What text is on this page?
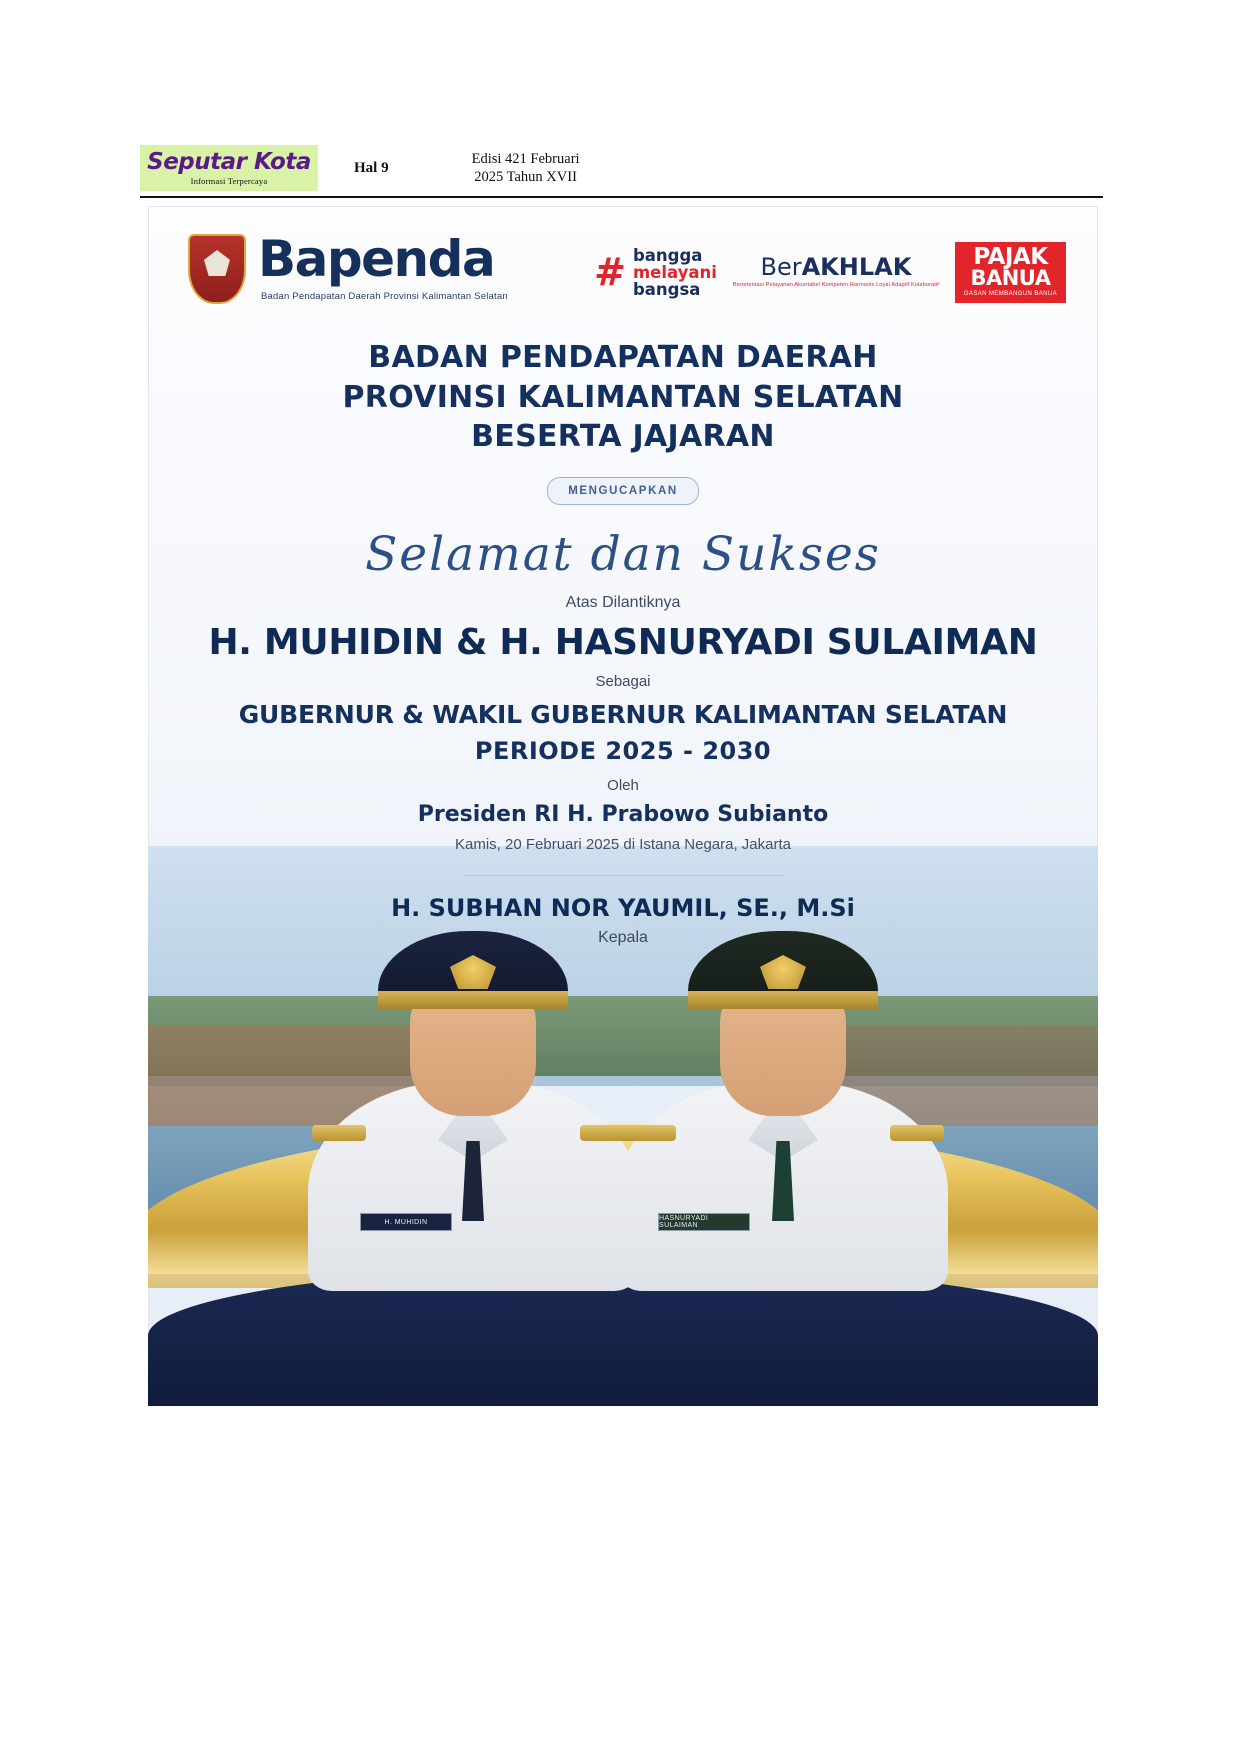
Seputar Kota
Informasi Terpercaya
Hal 9
Edisi 421 Februari
2025 Tahun XVII
Bapenda
Badan Pendapatan Daerah Provinsi Kalimantan Selatan
# bangga
melayani
bangsa
BerAKHLAK
Berorientasi Pelayanan Akuntabel Kompeten Harmonis Loyal Adaptif Kolaboratif
PAJAK
BANUA
GASAN MEMBANGUN BANUA
BADAN PENDAPATAN DAERAH
PROVINSI KALIMANTAN SELATAN
BESERTA JAJARAN
MENGUCAPKAN
Selamat dan Sukses
Atas Dilantiknya
H. MUHIDIN & H. HASNURYADI SULAIMAN
Sebagai
GUBERNUR & WAKIL GUBERNUR KALIMANTAN SELATAN
PERIODE 2025 - 2030
Oleh
Presiden RI H. Prabowo Subianto
Kamis, 20 Februari 2025 di Istana Negara, Jakarta
H. SUBHAN NOR YAUMIL, SE., M.Si
Kepala
H. MUHIDIN	HASNURYADI SULAIMAN
